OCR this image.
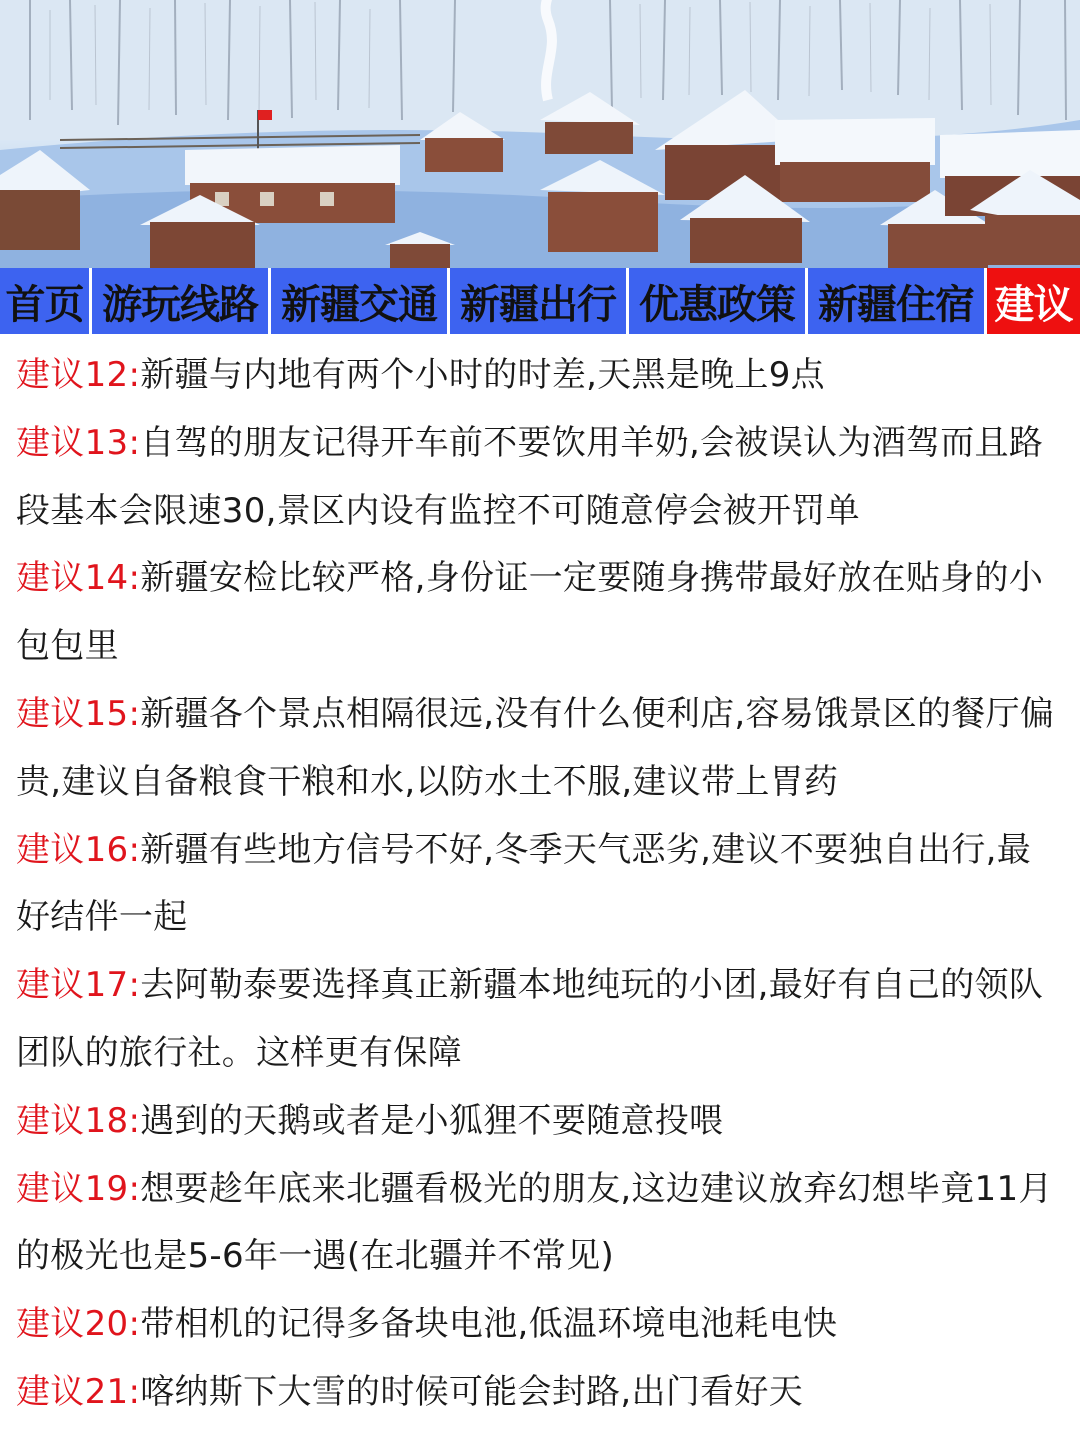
首页 游玩线路 新疆交通 新疆出行 优惠政策 新疆住宿 建议

建议12:新疆与内地有两个小时的时差,天黑是晚上9点

建议13:自驾的朋友记得开车前不要饮用羊奶,会被误认为酒驾而且路段基本会限速30,景区内设有监控不可随意停会被开罚单

建议14:新疆安检比较严格,身份证一定要随身携带最好放在贴身的小包包里

建议15:新疆各个景点相隔很远,没有什么便利店,容易饿景区的餐厅偏贵,建议自备粮食干粮和水,以防水土不服,建议带上胃药

建议16:新疆有些地方信号不好,冬季天气恶劣,建议不要独自出行,最好结伴一起

建议17:去阿勒泰要选择真正新疆本地纯玩的小团,最好有自己的领队团队的旅行社。这样更有保障

建议18:遇到的天鹅或者是小狐狸不要随意投喂

建议19:想要趁年底来北疆看极光的朋友,这边建议放弃幻想毕竟11月的极光也是5-6年一遇(在北疆并不常见)

建议20:带相机的记得多备块电池,低温环境电池耗电快

建议21:喀纳斯下大雪的时候可能会封路,出门看好天
